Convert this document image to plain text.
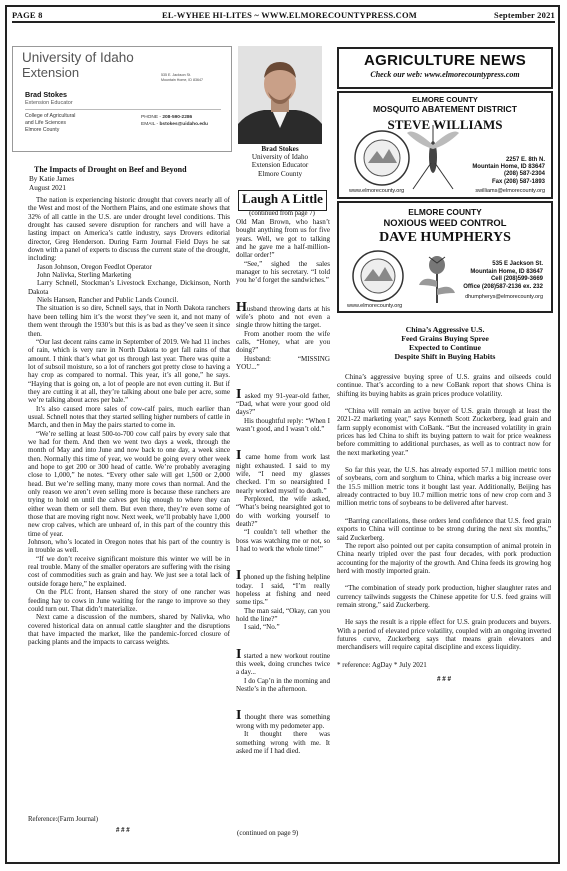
PAGE 8	EL-WYHEE HI-LITES ~ WWW.ELMORECOUNTYPRESS.COM	September 2021
University of Idaho
Extension	535 E. Jackson St.
Mountain Home, ID 83647
Brad Stokes
Extension Educator
College of Agricultural
and Life Sciences
Elmore County
PHONE - 208-590-2286
EMAIL - bstokes@uidaho.edu
Brad Stokes
University of Idaho
Extension Educator
Elmore County
The Impacts of Drought on Beef and Beyond
By Katie James
August 2021

The nation is experiencing historic drought that covers nearly all of the West and most of the Northern Plains, and one estimate shows that 32% of all cattle in the U.S. are under drought level conditions. This drought has caused severe disruption for ranchers and will have a lasting impact on America’s cattle industry, says Drovers editorial director, Greg Henderson. During Farm Journal Field Days he sat down with a panel of experts to discuss the current state of the drought, including:

Jason Johnson, Oregon Feedlot Operator

John Nalivka, Sterling Marketing

Larry Schnell, Stockman’s Livestock Exchange, Dickinson, North Dakota

Niels Hansen, Rancher and Public Lands Council.

The situation is so dire, Schnell says, that in North Dakota ranchers have been telling him it’s the worst they’ve seen it, and not many of them went through the 1930’s but this is as bad as they’ve seen it since then.

“Our last decent rains came in September of 2019. We had 11 inches of rain, which is very rare in North Dakota to get fall rains of that amount. I think that’s what got us through last year. There was quite a lot of subsoil moisture, so a lot of ranchers got pretty close to having a hay crop as compared to normal. This year, it’s all gone,” he says. “Haying that is going on, a lot of people are not even cutting it. But if they are cutting it at all, they’re talking about one bale per acre, some we’re talking about acres per bale.”

It’s also caused more sales of cow-calf pairs, much earlier than usual. Schnell notes that they started selling higher numbers of cattle in March, and then in May the pairs started to come in.

“We’re selling at least 500-to-700 cow calf pairs by every sale that we had for them. And then we went two days a week, through the month of May and into June and now back to one day, a week since then. Normally this time of year, we would be going every other week and hope to get 200 or 300 head of cattle. We’re probably averaging close to 1,000,” he notes. “Every other sale will get 1,500 or 2,000 head. But we’re selling many, many more cows than normal. And the only reason we aren’t even selling more is because these ranchers are trying to hold on until the calves get big enough to where they can either wean them or sell them. But even there, they’re even some of those that are moving right now. Next week, we’ll probably have 1,000 new crop calves, which are unheard of, in this part of the country this time of year.

Johnson, who’s located in Oregon notes that his part of the country is in trouble as well.

“If we don’t receive significant moisture this winter we will be in real trouble. Many of the smaller operators are suffering with the rising cost of commodities such as grain and hay. We just see a total lack of outside forage here,” he explained.

On the PLC front, Hansen shared the story of one rancher was feeding hay to cows in June waiting for the range to improve so they could turn out. That didn’t materialize.

Next came a discussion of the numbers, shared by Nalivka, who covered historical data on annual cattle slaughter and the disruptions that have impacted the market, like the pandemic-forced closure of packing plants and the impacts to carcass weights.

Reference:(Farm Journal)
# # #
Laugh A Little
(continued from page 7)

Old Man Brown, who hasn’t bought anything from us for five years. Well, we got to talking and he gave me a half-million-dollar order!”

“See,” sighed the sales manager to his secretary. “I told you he’d forget the sandwiches.”

Husband throwing darts at his wife’s photo and not even a single throw hitting the target.

From another room the wife calls, “Honey, what are you doing?”

Husband: “MISSING YOU...”

I asked my 91-year-old father, “Dad, what were your good old days?”

His thoughtful reply: “When I wasn’t good, and I wasn’t old.”

I came home from work last night exhausted. I said to my wife, “I need my glasses checked. I’m so nearsighted I nearly worked myself to death.”

Perplexed, the wife asked, “What’s being nearsighted got to do with working yourself to death?”

“I couldn’t tell whether the boss was watching me or not, so I had to work the whole time!”

I phoned up the fishing helpline today. I said, “I’m really hopeless at fishing and need some tips.”

The man said, “Okay, can you hold the line?”

I said, “No.”

I started a new workout routine this week, doing crunches twice a day...

I do Cap’n in the morning and Nestle’s in the afternoon.

I thought there was something wrong with my pedometer app.

It thought there was something wrong with me. It asked me if I had died.

(continued on page 9)
AGRICULTURE NEWS
Check our web: www.elmorecountypress.com
ELMORE COUNTY
MOSQUITO ABATEMENT DISTRICT
STEVE WILLIAMS
2257 E. 8th N.
Mountain Home, ID 83647
(208) 587-2304
Fax (208) 587-1893
www.elmorecounty.org	swilliams@elmorecounty.org
ELMORE COUNTY
NOXIOUS WEED CONTROL
DAVE HUMPHERYS
535 E Jackson St.
Mountain Home, ID 83647
Cell (208)599-3669
Office (208)587-2136 ex. 232
www.elmorecounty.org
dhumpherys@elmorecounty.org
China’s Aggressive U.S.
Feed Grains Buying Spree
Expected to Continue
Despite Shift in Buying Habits

China’s aggressive buying spree of U.S. grains and oilseeds could continue. That’s according to a new CoBank report that shows China is shifting its buying habits as grain prices produce volatility.

“China will remain an active buyer of U.S. grain through at least the 2021-22 marketing year,” says Kenneth Scott Zuckerberg, lead grain and farm supply economist with CoBank. “But the increased volatility in grain prices has led China to shift its buying pattern to wait for price weakness before committing to additional purchases, as well as to contract now for the next marketing year.”

So far this year, the U.S. has already exported 57.1 million metric tons of soybeans, corn and sorghum to China, which marks a big increase over the 15.5 million metric tons it bought last year. Additionally, Beijing has already contracted to buy 10.7 million metric tons of new crop corn and 3 million metric tons of soybeans to be delivered after harvest.

“Barring cancellations, these orders lend confidence that U.S. feed grain exports to China will continue to be strong during the next six months,” said Zuckerberg.

The report also pointed out per capita consumption of animal protein in China nearly tripled over the past four decades, with pork production accounting for the majority of the growth. And China feeds its growing hog herd with mostly imported grain.

“The combination of steady pork production, higher slaughter rates and currency tailwinds suggests the Chinese appetite for U.S. feed grains will remain strong,” said Zuckerberg.

He says the result is a ripple effect for U.S. grain producers and buyers. With a period of elevated price volatility, coupled with an ongoing inverted futures curve, Zuckerberg says that means grain elevators and merchandisers will require capital discipline and excess liquidity.

* reference: AgDay * July 2021

# # #
